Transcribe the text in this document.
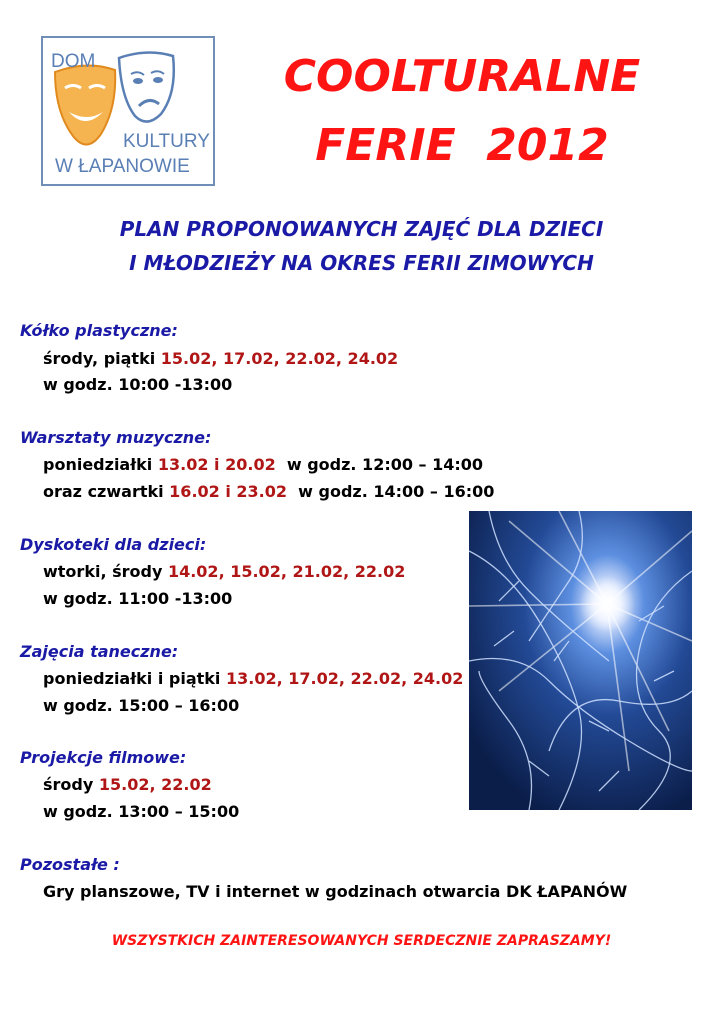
DOM
KULTURY
W ŁAPANOWIE
COOLTURALNE
FERIE  2012
PLAN PROPONOWANYCH ZAJĘĆ DLA DZIECI
I MŁODZIEŻY NA OKRES FERII ZIMOWYCH
Kółko plastyczne:
środy, piątki 15.02, 17.02, 22.02, 24.02
w godz. 10:00 -13:00
Warsztaty muzyczne:
poniedziałki 13.02 i 20.02  w godz. 12:00 – 14:00
oraz czwartki 16.02 i 23.02  w godz. 14:00 – 16:00
Dyskoteki dla dzieci:
wtorki, środy 14.02, 15.02, 21.02, 22.02
w godz. 11:00 -13:00
Zajęcia taneczne:
poniedziałki i piątki 13.02, 17.02, 22.02, 24.02
w godz. 15:00 – 16:00
Projekcje filmowe:
środy 15.02, 22.02
w godz. 13:00 – 15:00
Pozostałe :
Gry planszowe, TV i internet w godzinach otwarcia DK ŁAPANÓW
WSZYSTKICH ZAINTERESOWANYCH SERDECZNIE ZAPRASZAMY!
